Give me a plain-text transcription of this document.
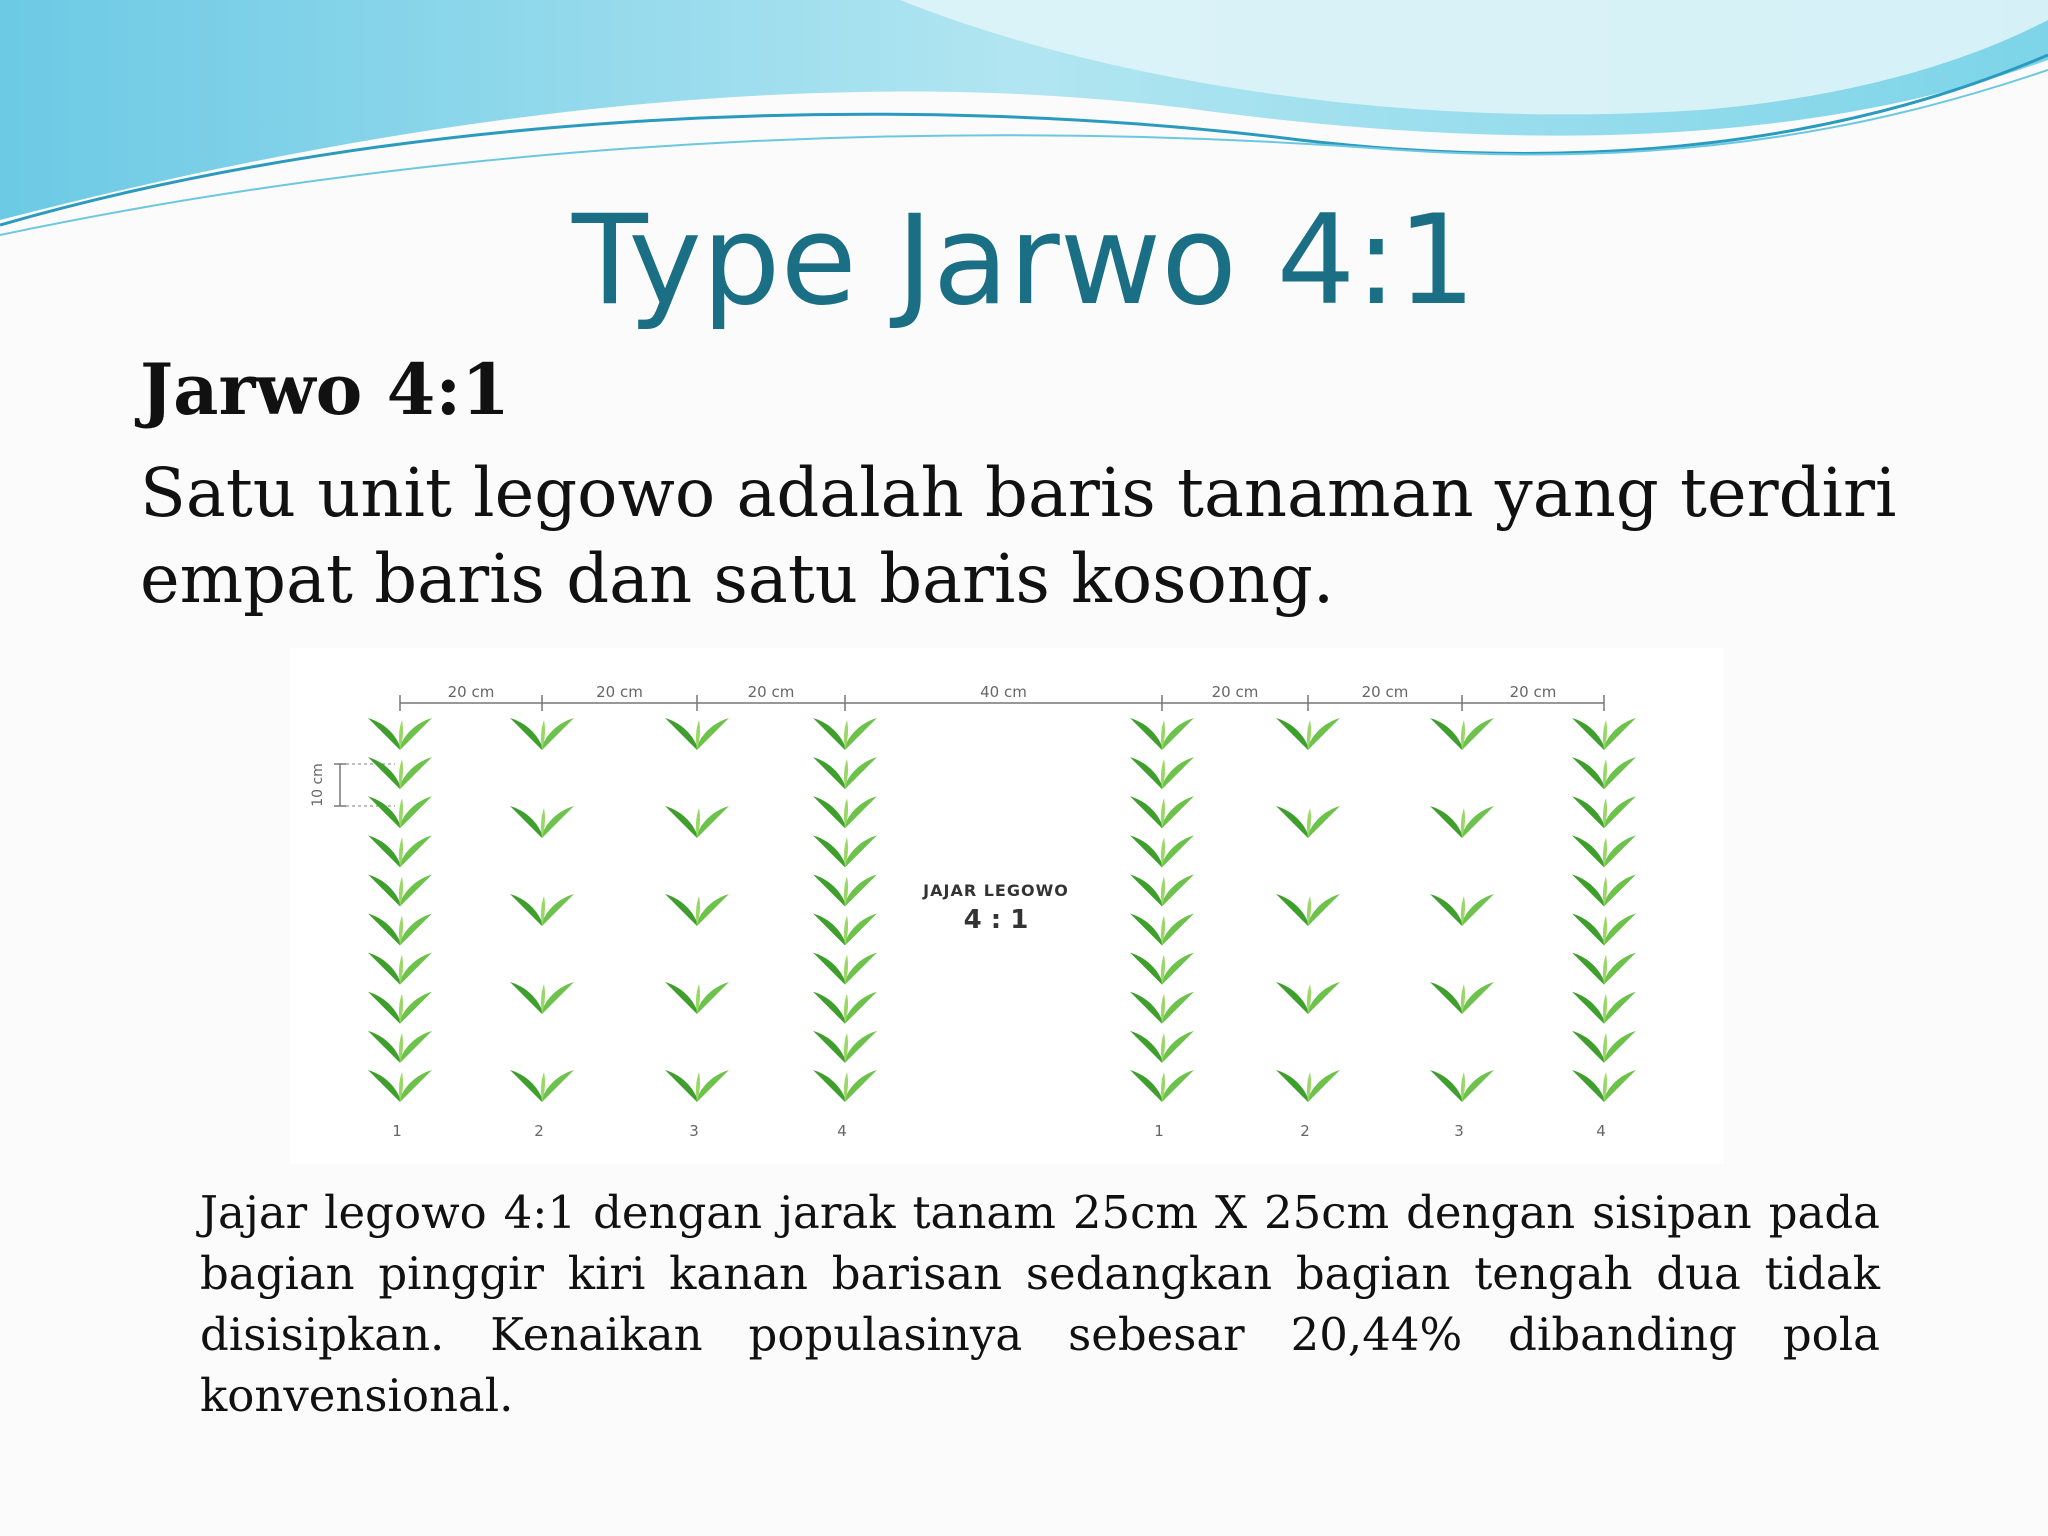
Type Jarwo 4:1
Jarwo 4:1
Satu unit legowo adalah baris tanaman yang terdiri
empat baris dan satu baris kosong.
20 cm	20 cm	20 cm	40 cm	20 cm	20 cm	20 cm
10 cm
JAJAR LEGOWO
4 : 1
1	2	3	4	1	2	3	4
Jajar legowo 4:1 dengan jarak tanam 25cm X 25cm dengan sisipan pada bagian pinggir kiri kanan barisan sedangkan bagian tengah dua tidak disisipkan. Kenaikan populasinya sebesar 20,44% dibanding pola konvensional.
